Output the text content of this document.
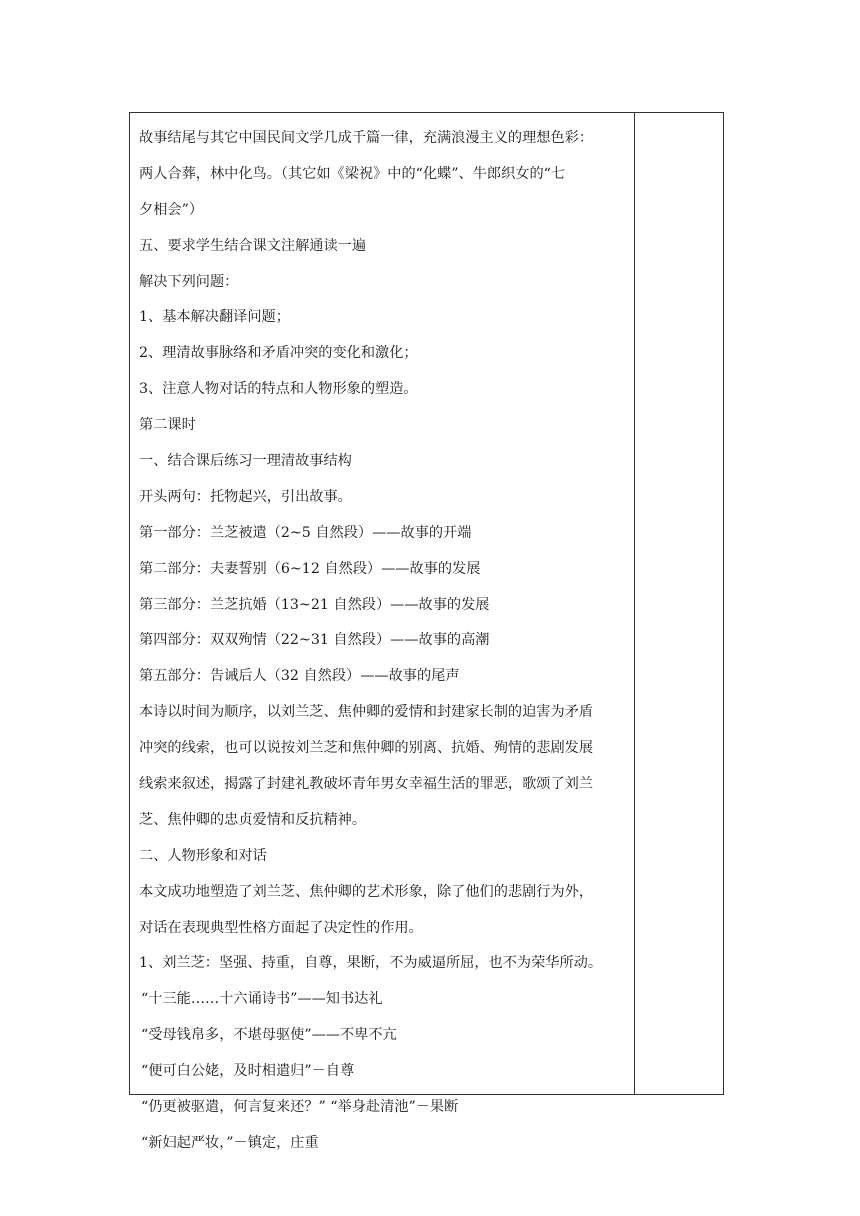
故事结尾与其它中国民间文学几成千篇一律，充满浪漫主义的理想色彩：
两人合葬，林中化鸟。（其它如《梁祝》中的“化蝶”、牛郎织女的“七
夕相会”）
五、要求学生结合课文注解通读一遍
解决下列问题：
1、基本解决翻译问题；
2、理清故事脉络和矛盾冲突的变化和激化；
3、注意人物对话的特点和人物形象的塑造。
第二课时
一、结合课后练习一理清故事结构
开头两句：托物起兴，引出故事。
第一部分：兰芝被遣（2~5 自然段）——故事的开端
第二部分：夫妻誓别（6~12 自然段）——故事的发展
第三部分：兰芝抗婚（13~21 自然段）——故事的发展
第四部分：双双殉情（22~31 自然段）——故事的高潮
第五部分：告诫后人（32 自然段）——故事的尾声
本诗以时间为顺序，以刘兰芝、焦仲卿的爱情和封建家长制的迫害为矛盾
冲突的线索，也可以说按刘兰芝和焦仲卿的别离、抗婚、殉情的悲剧发展
线索来叙述，揭露了封建礼教破坏青年男女幸福生活的罪恶，歌颂了刘兰
芝、焦仲卿的忠贞爱情和反抗精神。
二、人物形象和对话
本文成功地塑造了刘兰芝、焦仲卿的艺术形象，除了他们的悲剧行为外，
对话在表现典型性格方面起了决定性的作用。
1、刘兰芝：坚强、持重，自尊，果断，不为威逼所屈，也不为荣华所动。
“十三能……十六诵诗书”——知书达礼
“受母钱帛多，不堪母驱使”——不卑不亢
“便可白公姥，及时相遣归”－自尊
“仍更被驱遣，何言复来还？” “举身赴清池”－果断
“新妇起严妆，”－镇定，庄重
